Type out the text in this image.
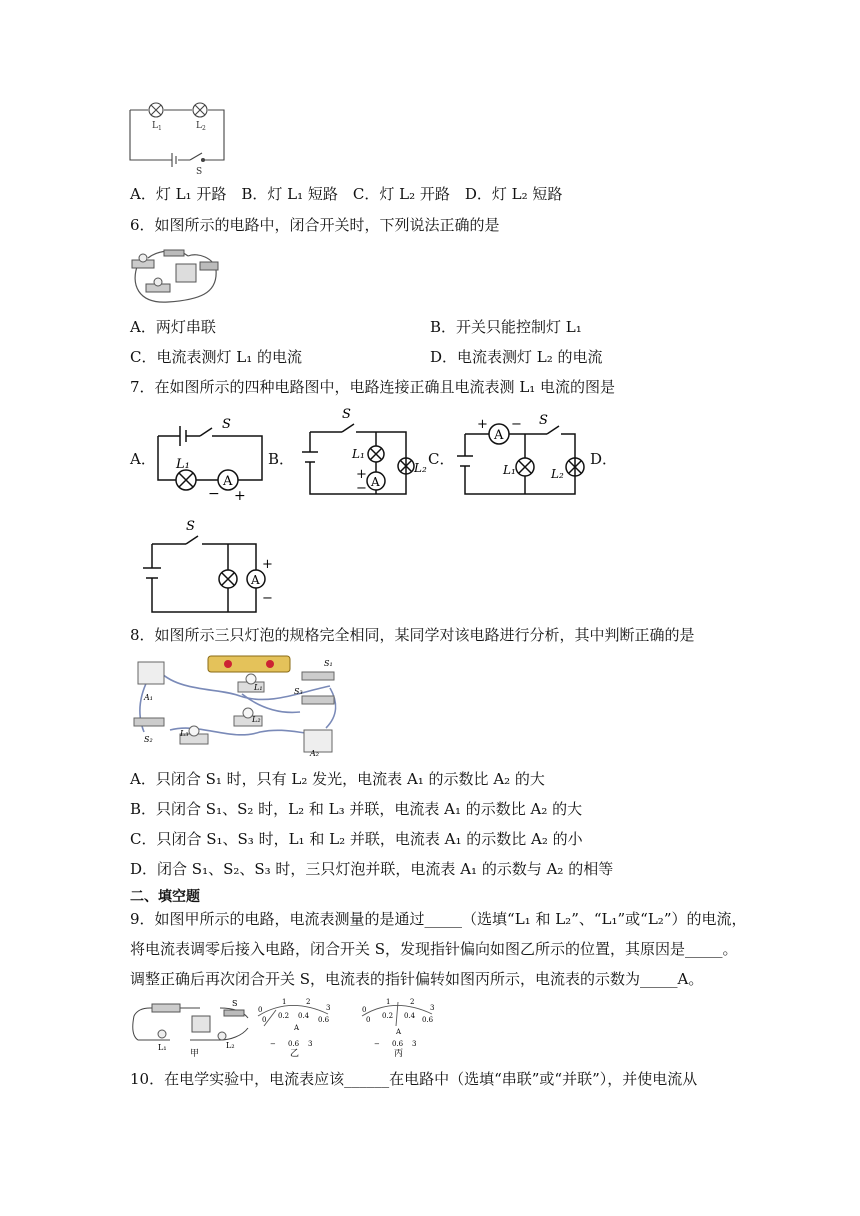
$L_1$	$L_2$
S
A．灯 L₁ 开路　B．灯 L₁ 短路　C．灯 L₂ 开路　D．灯 L₂ 短路
6．如图所示的电路中，闭合开关时，下列说法正确的是
A．两灯串联	B．开关只能控制灯 L₁
C．电流表测灯 L₁ 的电流	D．电流表测灯 L₂ 的电流
7．在如图所示的四种电路图中，电路连接正确且电流表测 L₁ 电流的图是
A．	B．	C．	D．
A
S
L₁
− +
A
S
L₁
L₂
+
−
A
S
L₁	L₂
+ −
A
S
+
−
8．如图所示三只灯泡的规格完全相同，某同学对该电路进行分析，其中判断正确的是
S₁
L₁	S₃
A₁
L₂
S₂
L₃
A₂
A．只闭合 S₁ 时，只有 L₂ 发光，电流表 A₁ 的示数比 A₂ 的大
B．只闭合 S₁、S₂ 时，L₂ 和 L₃ 并联，电流表 A₁ 的示数比 A₂ 的大
C．只闭合 S₁、S₃ 时，L₁ 和 L₂ 并联，电流表 A₁ 的示数比 A₂ 的小
D．闭合 S₁、S₂、S₃ 时，三只灯泡并联，电流表 A₁ 的示数与 A₂ 的相等
二、填空题
9．如图甲所示的电路，电流表测量的是通过_____（选填“L₁ 和 L₂”、“L₁”或“L₂”）的电流，
将电流表调零后接入电路，闭合开关 S，发现指针偏向如图乙所示的位置，其原因是_____。
调整正确后再次闭合开关 S，电流表的指针偏转如图丙所示，电流表的示数为_____A。
S
L₁	L₂
甲
0
1	2
3
0 0.2 0.4 0.6
A
− 0.6 3
乙
0
1	2
3
0 0.2 0.4 0.6
A
− 0.6 3
丙
10．在电学实验中，电流表应该______在电路中（选填“串联”或“并联”），并使电流从
